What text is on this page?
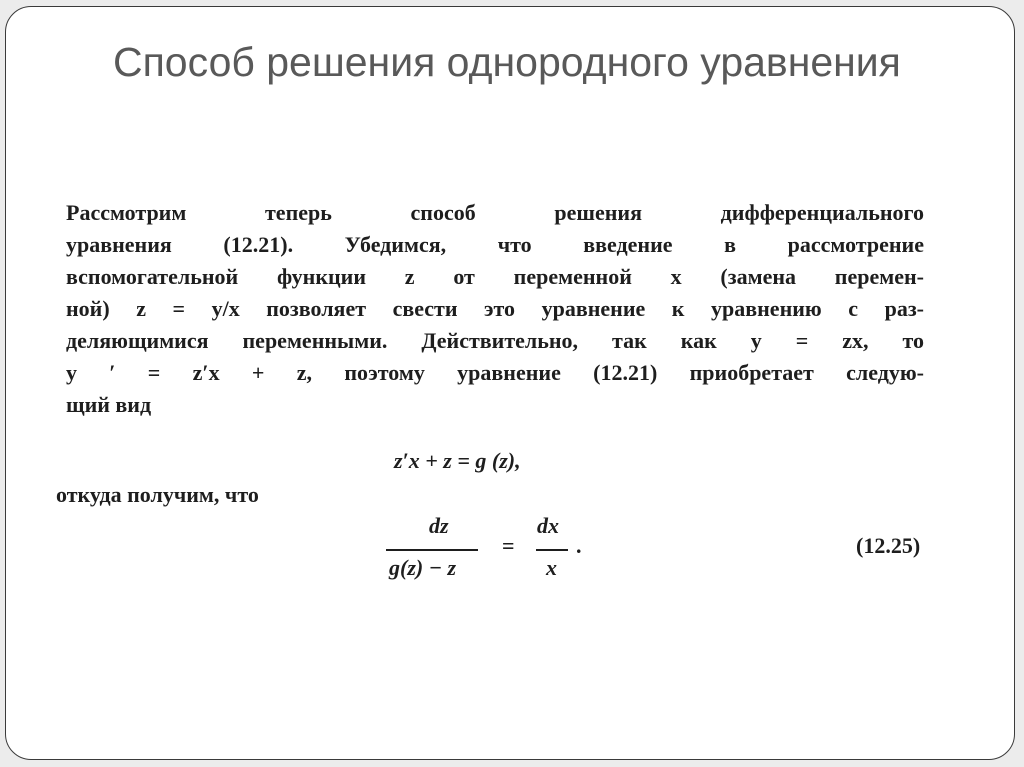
Способ решения однородного уравнения

Рассмотрим теперь способ решения дифференциального
уравнения (12.21). Убедимся, что введение в рассмотрение
вспомогательной функции z от переменной x (замена перемен-
ной) z = y/x позволяет свести это уравнение к уравнению с раз-
деляющимися переменными. Действительно, так как y = zx, то
y ′ = z′x + z, поэтому уравнение (12.21) приобретает следую-
щий вид

z′x + z = g (z),
откуда получим, что
dz
g(z) − z
=
dx
x
.	(12.25)
